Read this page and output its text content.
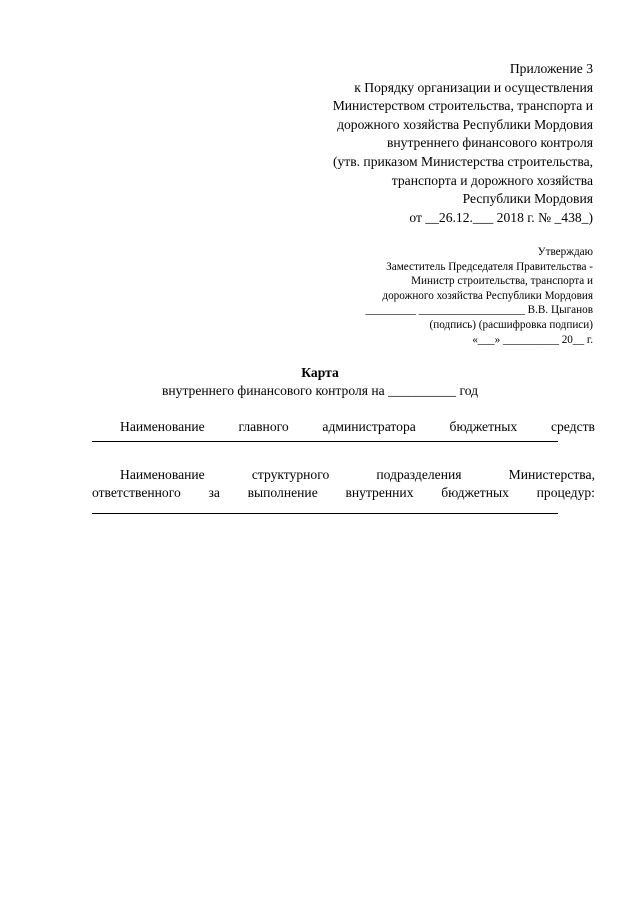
Приложение 3
к Порядку организации и осуществления
Министерством строительства, транспорта и
дорожного хозяйства Республики Мордовия
внутреннего финансового контроля
(утв. приказом Министерства строительства,
транспорта и дорожного хозяйства
Республики Мордовия
от __26.12.___ 2018 г. № _438_)
Утверждаю
Заместитель Председателя Правительства -
Министр строительства, транспорта и
дорожного хозяйства Республики Мордовия
_________ ___________________ В.В. Цыганов
(подпись) (расшифровка подписи)
«___» __________ 20__ г.
Карта
внутреннего финансового контроля на __________ год
Наименование главного администратора бюджетных средств
Наименование	структурного	подразделения	Министерства,
ответственного за выполнение внутренних бюджетных процедур:
